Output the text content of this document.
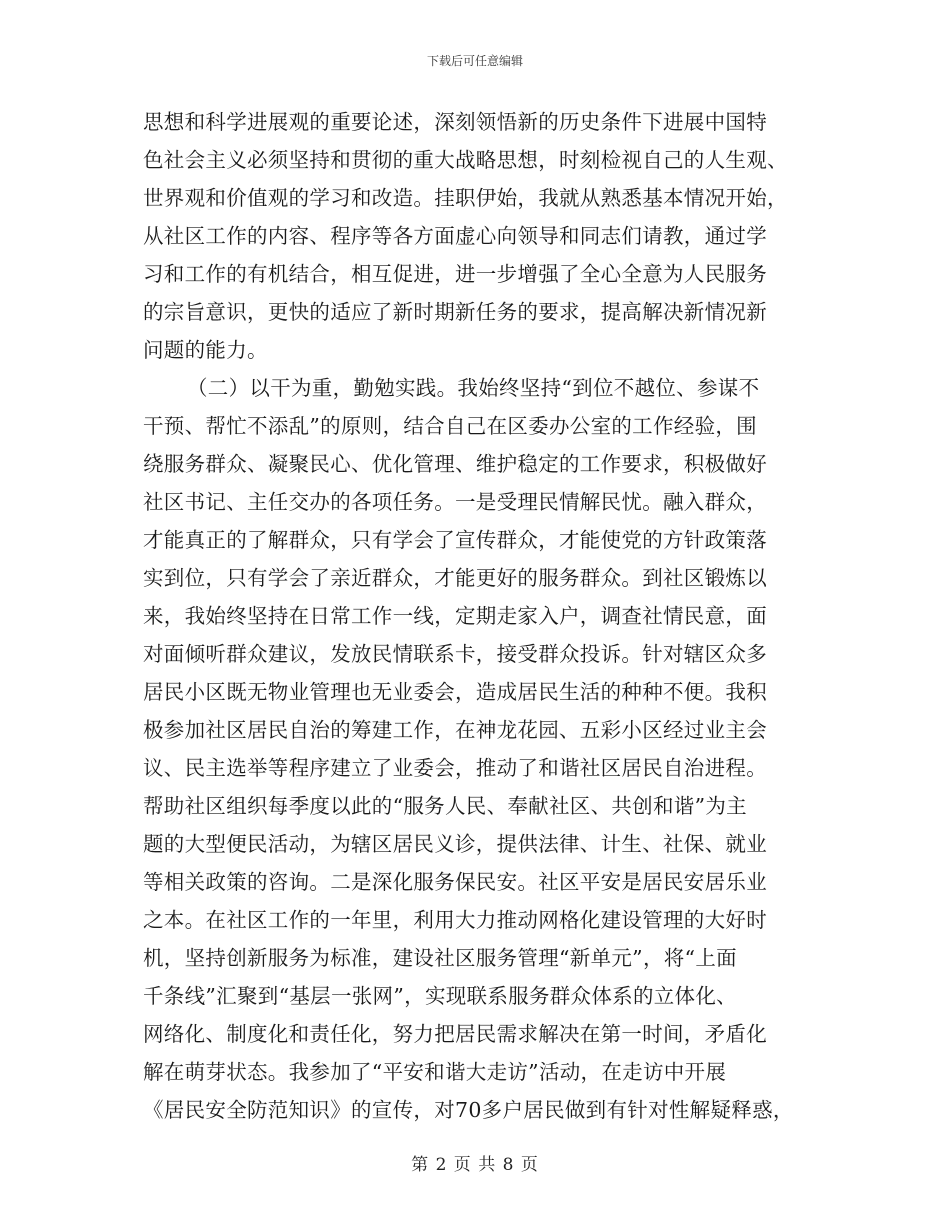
下载后可任意编辑
思想和科学进展观的重要论述，深刻领悟新的历史条件下进展中国特
色社会主义必须坚持和贯彻的重大战略思想，时刻检视自己的人生观、
世界观和价值观的学习和改造。挂职伊始，我就从熟悉基本情况开始，
从社区工作的内容、程序等各方面虚心向领导和同志们请教，通过学
习和工作的有机结合，相互促进，进一步增强了全心全意为人民服务
的宗旨意识，更快的适应了新时期新任务的要求，提高解决新情况新
问题的能力。
（二）以干为重，勤勉实践。我始终坚持“到位不越位、参谋不
干预、帮忙不添乱”的原则，结合自己在区委办公室的工作经验，围
绕服务群众、凝聚民心、优化管理、维护稳定的工作要求，积极做好
社区书记、主任交办的各项任务。一是受理民情解民忧。融入群众，
才能真正的了解群众，只有学会了宣传群众，才能使党的方针政策落
实到位，只有学会了亲近群众，才能更好的服务群众。到社区锻炼以
来，我始终坚持在日常工作一线，定期走家入户，调查社情民意，面
对面倾听群众建议，发放民情联系卡，接受群众投诉。针对辖区众多
居民小区既无物业管理也无业委会，造成居民生活的种种不便。我积
极参加社区居民自治的筹建工作，在神龙花园、五彩小区经过业主会
议、民主选举等程序建立了业委会，推动了和谐社区居民自治进程。
帮助社区组织每季度以此的“服务人民、奉献社区、共创和谐”为主
题的大型便民活动，为辖区居民义诊，提供法律、计生、社保、就业
等相关政策的咨询。二是深化服务保民安。社区平安是居民安居乐业
之本。在社区工作的一年里，利用大力推动网格化建设管理的大好时
机，坚持创新服务为标准，建设社区服务管理“新单元”，将“上面
千条线”汇聚到“基层一张网”，实现联系服务群众体系的立体化、
网络化、制度化和责任化，努力把居民需求解决在第一时间，矛盾化
解在萌芽状态。我参加了“平安和谐大走访”活动，在走访中开展
《居民安全防范知识》的宣传，对70多户居民做到有针对性解疑释惑，
第 2 页 共 8 页
